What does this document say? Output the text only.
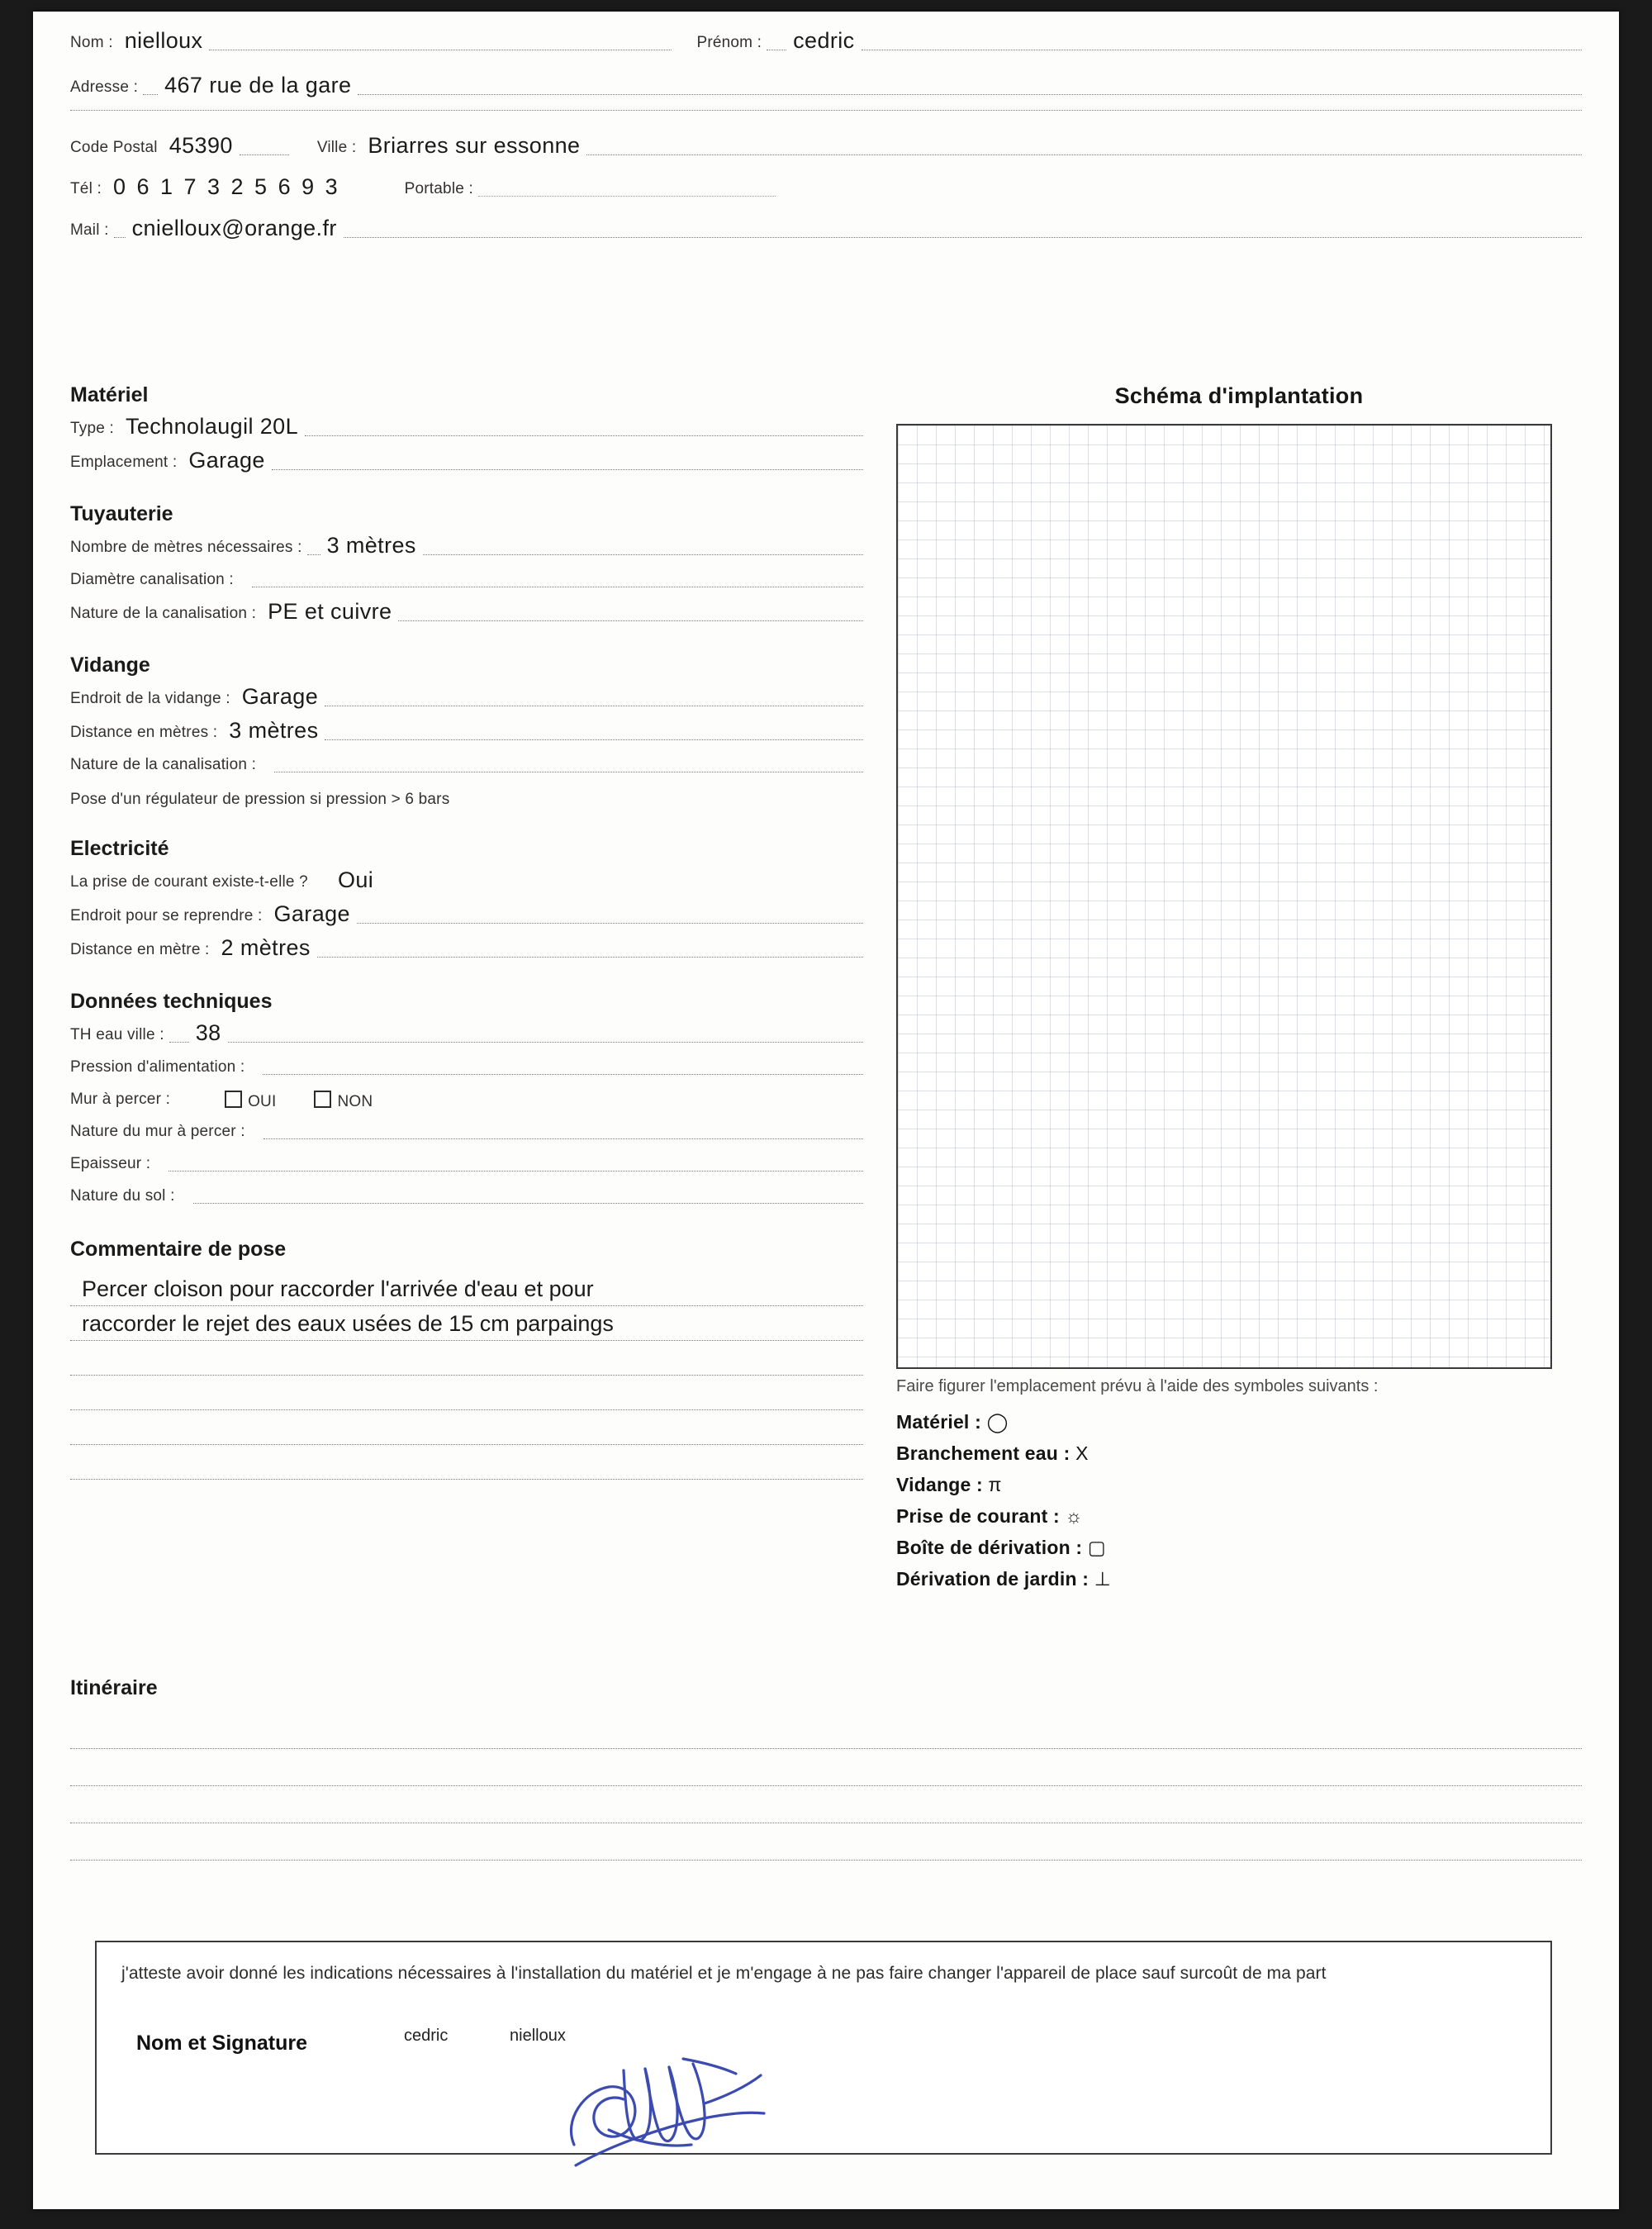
Nom : nielloux	Prénom : cedric
Adresse : 467 rue de la gare
Code Postal 45390	Ville : Briarres sur essonne
Tél : 0 6 1 7 3 2 5 6 9 3	Portable :
Mail : cnielloux@orange.fr
Matériel
Type : Technolaugil 20L
Emplacement : Garage
Tuyauterie
Nombre de mètres nécessaires : 3 mètres
Diamètre canalisation :
Nature de la canalisation : PE et cuivre
Vidange
Endroit de la vidange : Garage
Distance en mètres : 3 mètres
Nature de la canalisation :
Pose d'un régulateur de pression si pression > 6 bars
Electricité
La prise de courant existe-t-elle ?	Oui
Endroit pour se reprendre : Garage
Distance en mètre : 2 mètres
Données techniques
TH eau ville : 38
Pression d'alimentation :
Mur à percer :	OUI	NON
Nature du mur à percer :
Epaisseur :
Nature du sol :
Commentaire de pose
Percer cloison pour raccorder l'arrivée d'eau et pour
raccorder le rejet des eaux usées de 15 cm parpaings
Schéma d'implantation
Faire figurer l'emplacement prévu à l'aide des symboles suivants :
Matériel : ◯
Branchement eau : X
Vidange : π
Prise de courant : ☼
Boîte de dérivation : ▢
Dérivation de jardin : ⊥
Itinéraire
j'atteste avoir donné les indications nécessaires à l'installation du matériel et je m'engage à ne pas faire changer l'appareil de place sauf surcoût de ma part
Nom et Signature	cedric	nielloux
